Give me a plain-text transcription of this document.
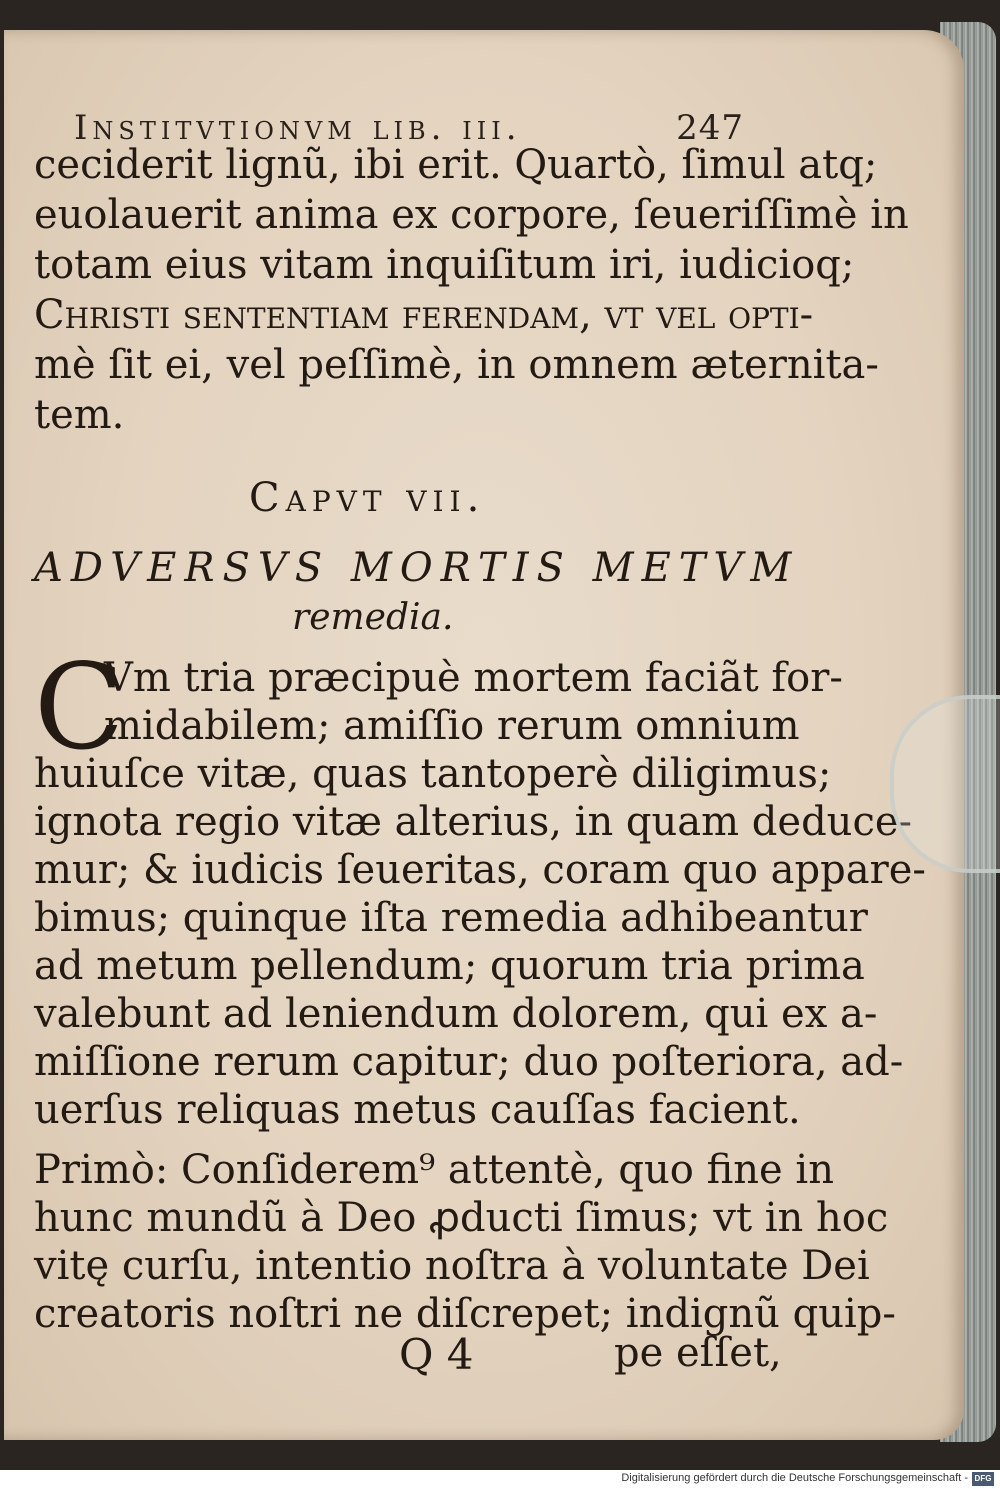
Institvtionvm lib. iii.	247
ceciderit lignũ, ibi erit. Quartò, ſimul atq;
euolauerit anima ex corpore, ſeueriſſimè in
totam eius vitam inquiſitum iri, iudicioq;
Christi ſententiam ferendam, vt vel opti-
mè ſit ei, vel peſſimè, in omnem æternita-
tem.
Capvt vii.
ADVERSVS MORTIS METVM
remedia.
C
Vm tria præcipuè mortem faciãt for-
midabilem; amiſſio rerum omnium
huiuſce vitæ, quas tantoperè diligimus;
ignota regio vitæ alterius, in quam deduce-
mur; & iudicis ſeueritas, coram quo appare-
bimus; quinque iſta remedia adhibeantur
ad metum pellendum; quorum tria prima
valebunt ad leniendum dolorem, qui ex a-
miſſione rerum capitur; duo poſteriora, ad-
uerſus reliquas metus cauſſas facient.
Primò: Conſiderem⁹ attentè, quo fine in
hunc mundũ à Deo ꝓducti ſimus; vt in hoc
vitę curſu, intentio noſtra à voluntate Dei
creatoris noſtri ne diſcrepet; indignũ quip-
Q 4	pe eſſet,
Digitalisierung gefördert durch die Deutsche Forschungsgemeinschaft - DFG
